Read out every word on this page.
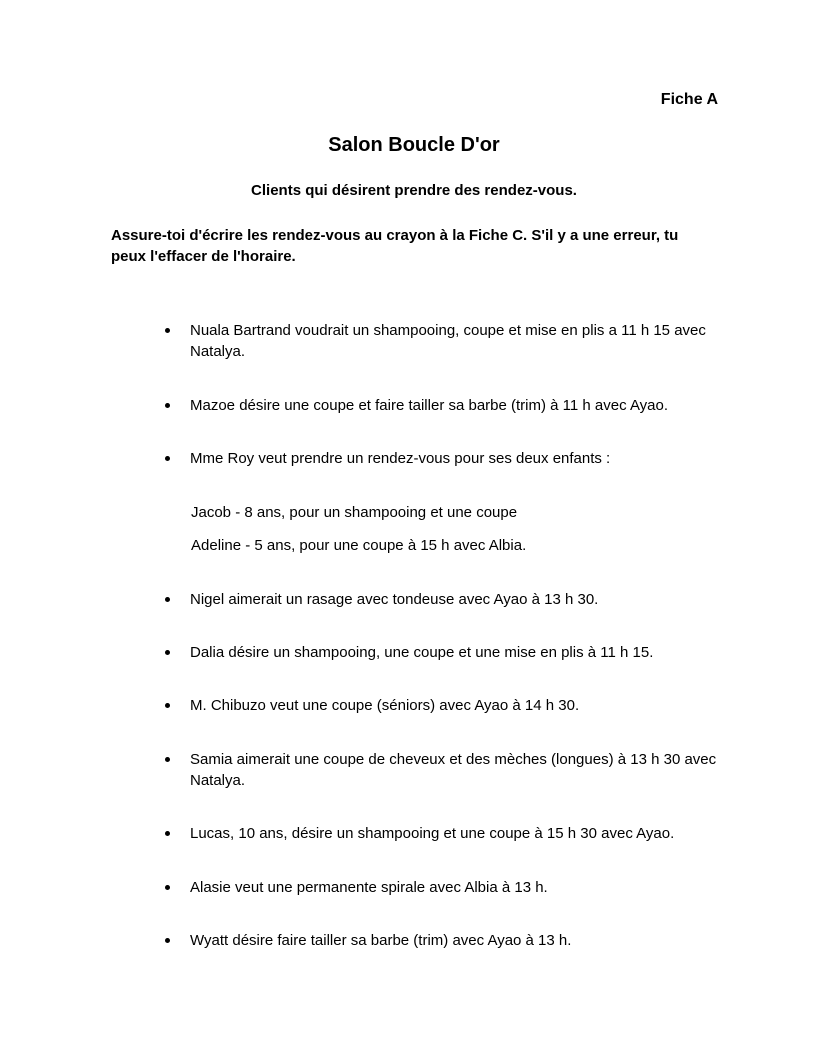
Fiche A
Salon Boucle D'or
Clients qui désirent prendre des rendez-vous.

Assure-toi d'écrire les rendez-vous au crayon à la Fiche C. S'il y a une erreur, tu peux l'effacer de l'horaire.

Nuala Bartrand voudrait un shampooing, coupe et mise en plis a 11 h 15 avec Natalya.
Mazoe désire une coupe et faire tailler sa barbe (trim) à 11 h avec Ayao.
Mme Roy veut prendre un rendez-vous pour ses deux enfants :
Jacob - 8 ans, pour un shampooing et une coupe
Adeline - 5 ans, pour une coupe à 15 h avec Albia.
Nigel aimerait un rasage avec tondeuse avec Ayao à 13 h 30.
Dalia désire un shampooing, une coupe et une mise en plis à 11 h 15.
M. Chibuzo veut une coupe (séniors) avec Ayao à 14 h 30.
Samia aimerait une coupe de cheveux et des mèches (longues) à 13 h 30 avec Natalya.
Lucas, 10 ans, désire un shampooing et une coupe à 15 h 30 avec Ayao.
Alasie veut une permanente spirale avec Albia à 13 h.
Wyatt désire faire tailler sa barbe (trim) avec Ayao à 13 h.
